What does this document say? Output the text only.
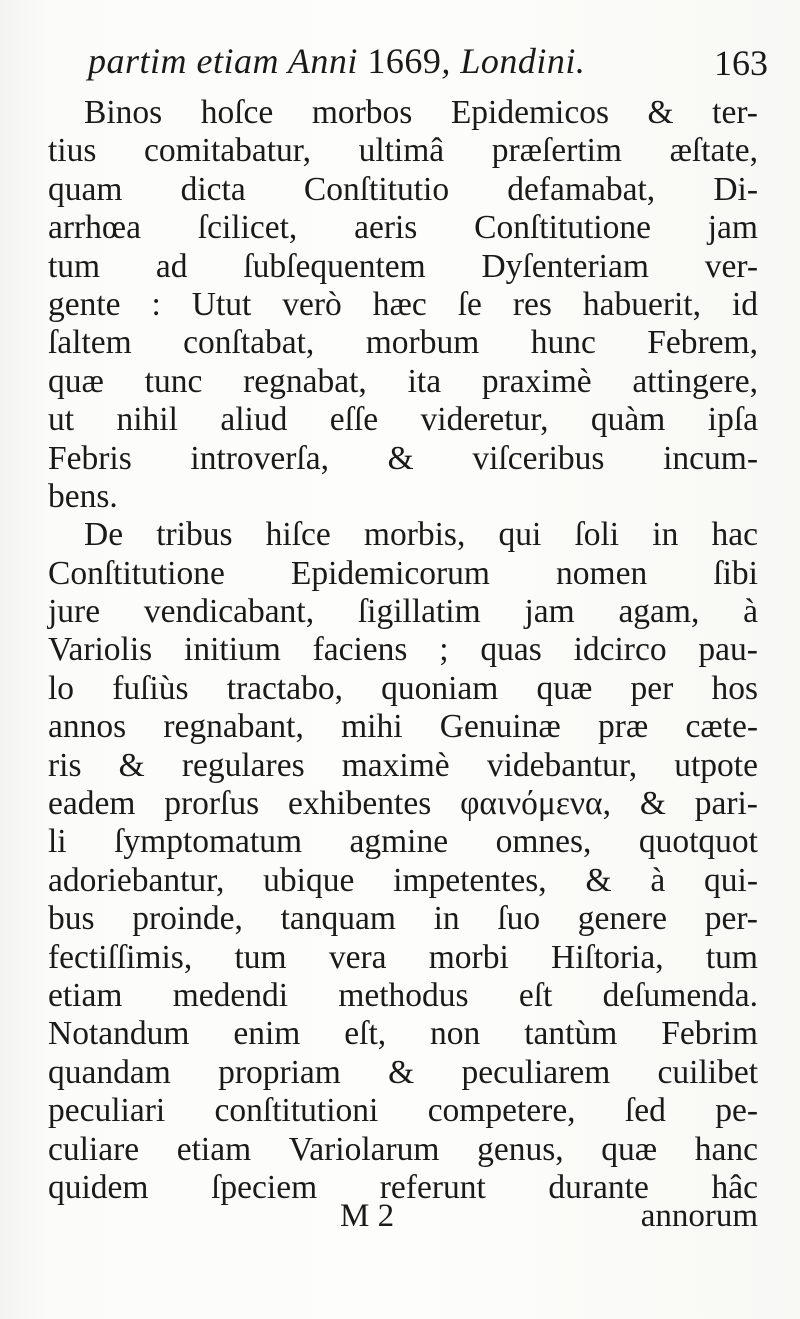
partim etiam Anni 1669, Londini.	163
Binos hoſce morbos Epidemicos & ter-
tius comitabatur, ultimâ præſertim æſtate,
quam dicta Conſtitutio defamabat, Di-
arrhœa ſcilicet, aeris Conſtitutione jam
tum ad ſubſequentem Dyſenteriam ver-
gente : Utut verò hæc ſe res habuerit, id
ſaltem conſtabat, morbum hunc Febrem,
quæ tunc regnabat, ita praximè attingere,
ut nihil aliud eſſe videretur, quàm ipſa
Febris introverſa, & viſceribus incum-
bens.
De tribus hiſce morbis, qui ſoli in hac
Conſtitutione Epidemicorum nomen ſibi
jure vendicabant, ſigillatim jam agam, à
Variolis initium faciens ; quas idcirco pau-
lo fuſiùs tractabo, quoniam quæ per hos
annos regnabant, mihi Genuinæ præ cæte-
ris & regulares maximè videbantur, utpote
eadem prorſus exhibentes φαινόμενα, & pari-
li ſymptomatum agmine omnes, quotquot
adoriebantur, ubique impetentes, & à qui-
bus proinde, tanquam in ſuo genere per-
fectiſſimis, tum vera morbi Hiſtoria, tum
etiam medendi methodus eſt deſumenda.
Notandum enim eſt, non tantùm Febrim
quandam propriam & peculiarem cuilibet
peculiari conſtitutioni competere, ſed pe-
culiare etiam Variolarum genus, quæ hanc
quidem ſpeciem referunt durante hâc
M 2	annorum
